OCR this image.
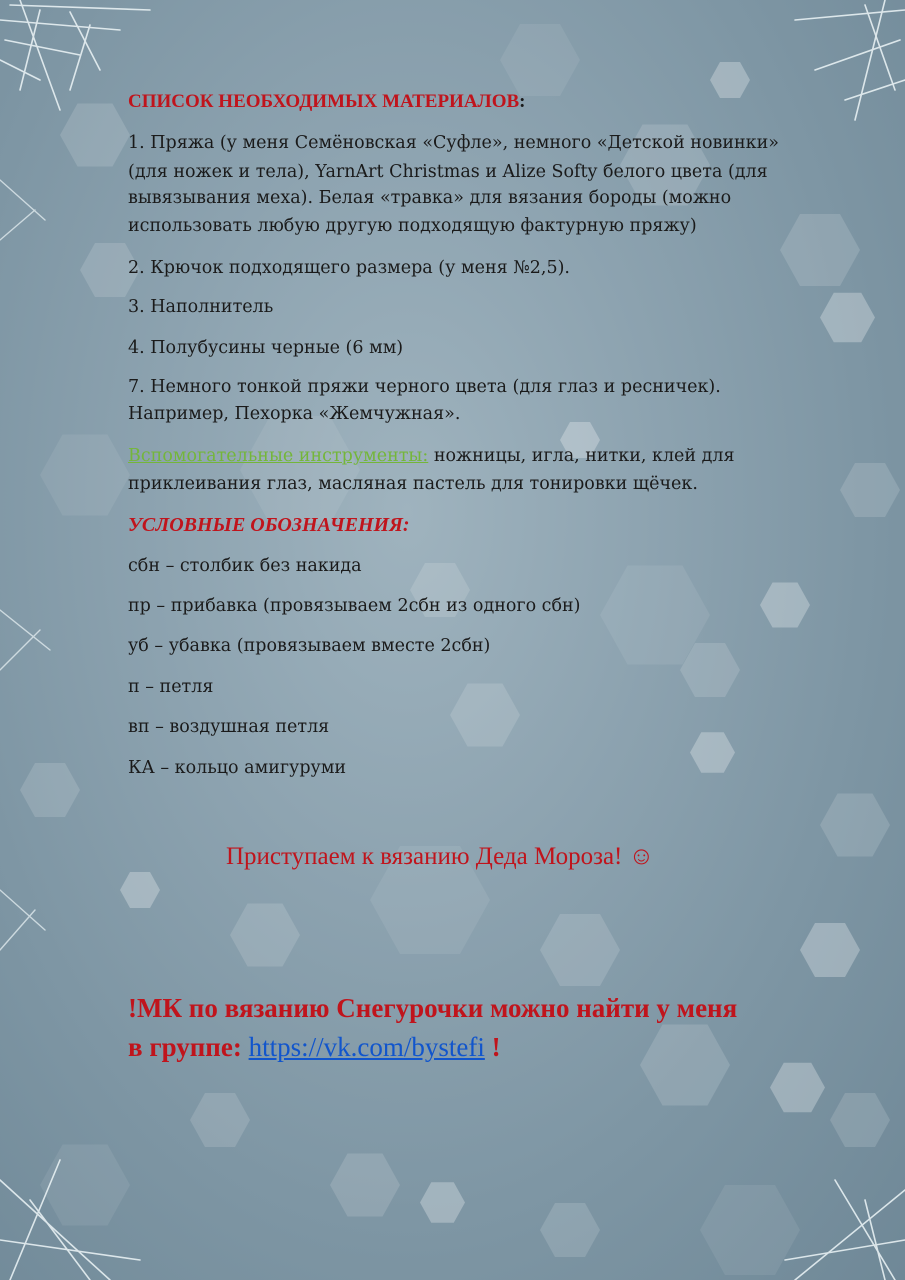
СПИСОК НЕОБХОДИМЫХ МАТЕРИАЛОВ:

1. Пряжа (у меня Семёновская «Суфле», немного «Детской новинки»

(для ножек и тела), YarnArt Christmas и Alize Softy белого цвета (для

вывязывания меха). Белая «травка» для вязания бороды (можно

использовать любую другую подходящую фактурную пряжу)

2. Крючок подходящего размера (у меня №2,5).

3. Наполнитель

4. Полубусины черные (6 мм)

7. Немного тонкой пряжи черного цвета (для глаз и ресничек).

Например, Пехорка «Жемчужная».

Вспомогательные инструменты: ножницы, игла, нитки, клей для

приклеивания глаз, масляная пастель для тонировки щёчек.

УСЛОВНЫЕ ОБОЗНАЧЕНИЯ:

сбн – столбик без накида

пр – прибавка (провязываем 2сбн из одного сбн)

уб – убавка (провязываем вместе 2сбн)

п – петля

вп – воздушная петля

КА – кольцо амигуруми

Приступаем к вязанию Деда Мороза! ☺

!МК по вязанию Снегурочки можно найти у меня

в группе: https://vk.com/bystefi !
